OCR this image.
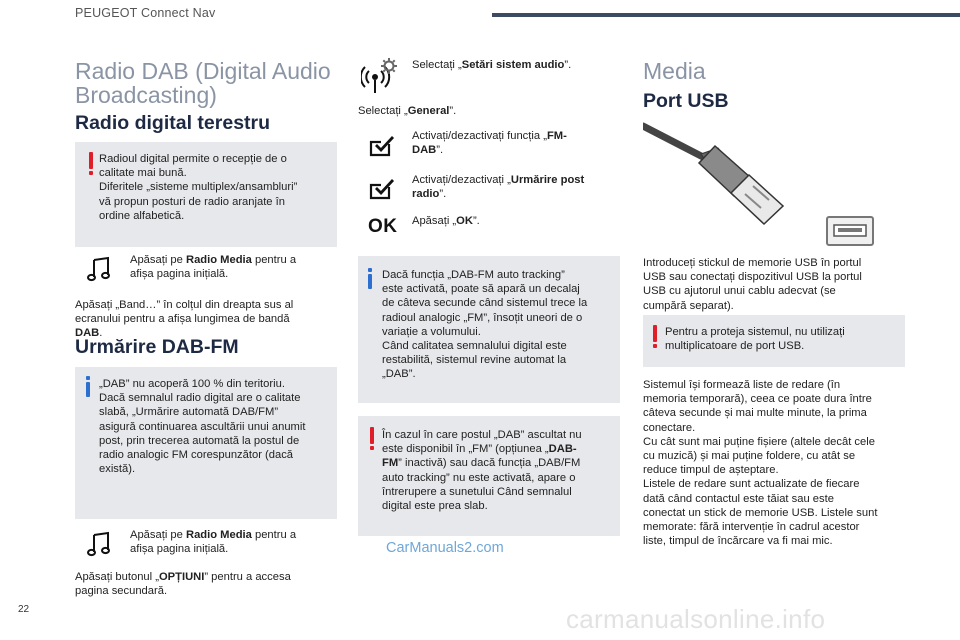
PEUGEOT Connect Nav
Radio DAB (Digital Audio
Broadcasting)
Radio digital terestru
Radioul digital permite o recepție de o
calitate mai bună.
Diferitele „sisteme multiplex/ansambluri”
vă propun posturi de radio aranjate în
ordine alfabetică.
Apăsați pe Radio Media pentru a
afișa pagina inițială.
Apăsați „Band…” în colțul din dreapta sus al
ecranului pentru a afișa lungimea de bandă
DAB.
Urmărire DAB-FM
„DAB” nu acoperă 100 % din teritoriu.
Dacă semnalul radio digital are o calitate
slabă, „Urmărire automată DAB/FM”
asigură continuarea ascultării unui anumit
post, prin trecerea automată la postul de
radio analogic FM corespunzător (dacă
există).
Apăsați pe Radio Media pentru a
afișa pagina inițială.
Apăsați butonul „OPȚIUNI” pentru a accesa
pagina secundară.
Selectați „Setări sistem audio”.
Selectați „General”.
Activați/dezactivați funcția „FM-
DAB”.
Activați/dezactivați „Urmărire post
radio”.
OK Apăsați „OK”.
Dacă funcția „DAB-FM auto tracking”
este activată, poate să apară un decalaj
de câteva secunde când sistemul trece la
radioul analogic „FM”, însoțit uneori de o
variație a volumului.
Când calitatea semnalului digital este
restabilită, sistemul revine automat la
„DAB”.
În cazul în care postul „DAB” ascultat nu
este disponibil în „FM” (opțiunea „DAB-
FM” inactivă) sau dacă funcția „DAB/FM
auto tracking” nu este activată, apare o
întrerupere a sunetului Când semnalul
digital este prea slab.
CarManuals2.com
Media
Port USB
Introduceți stickul de memorie USB în portul
USB sau conectați dispozitivul USB la portul
USB cu ajutorul unui cablu adecvat (se
cumpără separat).
Pentru a proteja sistemul, nu utilizați
multiplicatoare de port USB.
Sistemul își formează liste de redare (în
memoria temporară), ceea ce poate dura între
câteva secunde și mai multe minute, la prima
conectare.
Cu cât sunt mai puține fișiere (altele decât cele
cu muzică) și mai puține foldere, cu atât se
reduce timpul de așteptare.
Listele de redare sunt actualizate de fiecare
dată când contactul este tăiat sau este
conectat un stick de memorie USB. Listele sunt
memorate: fără intervenție în cadrul acestor
liste, timpul de încărcare va fi mai mic.
22	carmanualsonline.info
